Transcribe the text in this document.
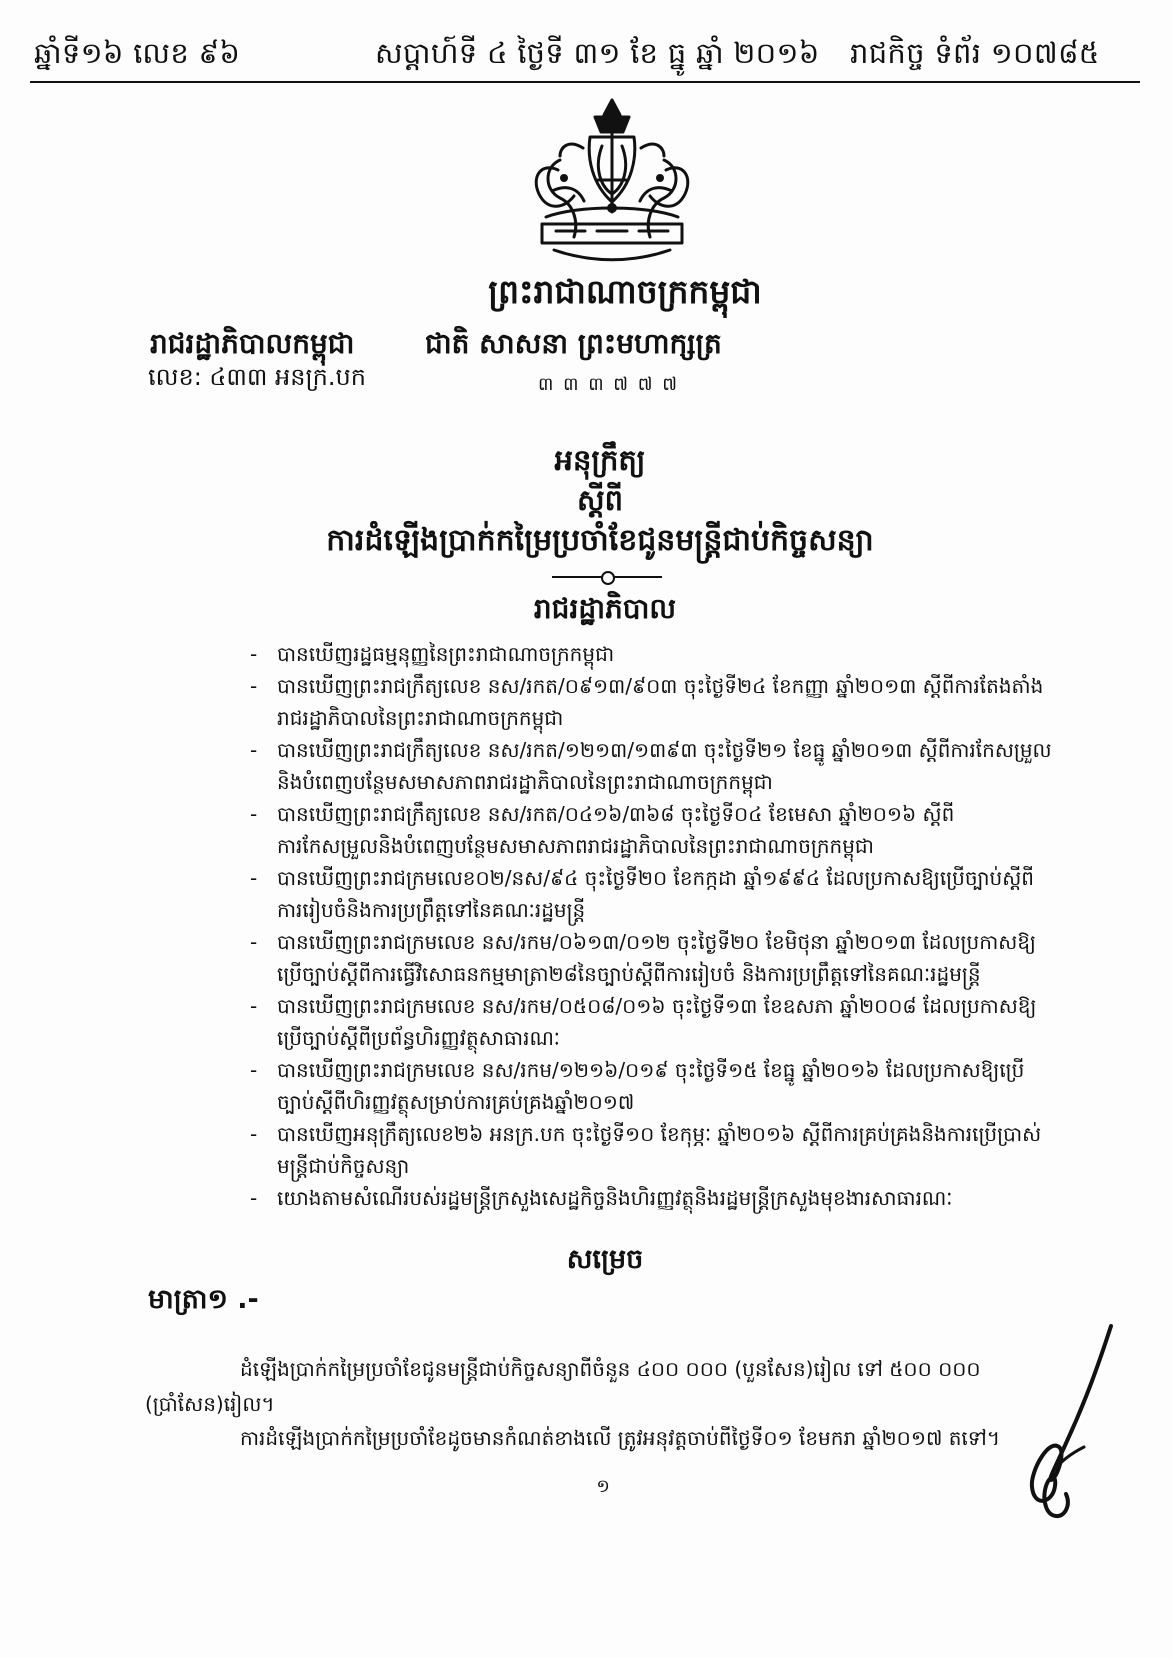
ឆ្នាំទី១៦ លេខ ៩៦	សប្តាហ៍ទី ៤ ថ្ងៃទី ៣១ ខែ ធ្នូ ឆ្នាំ ២០១៦ រាជកិច្ច ទំព័រ ១០៧៨៥
ព្រះរាជាណាចក្រកម្ពុជា
រាជរដ្ឋាភិបាលកម្ពុជា	ជាតិ សាសនា ព្រះមហាក្សត្រ
លេខ: ៤៣៣ អនក្រ.បក	៣ ៣ ៣ ៧ ៧ ៧
អនុក្រឹត្យ
ស្តីពី
ការដំឡើងប្រាក់កម្រៃប្រចាំខែជូនមន្ត្រីជាប់កិច្ចសន្យា
រាជរដ្ឋាភិបាល
- បានឃើញរដ្ឋធម្មនុញ្ញនៃព្រះរាជាណាចក្រកម្ពុជា
- បានឃើញព្រះរាជក្រឹត្យលេខ នស/រកត/០៩១៣/៩០៣ ចុះថ្ងៃទី២៤ ខែកញ្ញា ឆ្នាំ២០១៣ ស្តីពីការតែងតាំងរាជរដ្ឋាភិបាលនៃព្រះរាជាណាចក្រកម្ពុជា
- បានឃើញព្រះរាជក្រឹត្យលេខ នស/រកត/១២១៣/១៣៩៣ ចុះថ្ងៃទី២១ ខែធ្នូ ឆ្នាំ២០១៣ ស្តីពីការកែសម្រួលនិងបំពេញបន្ថែមសមាសភាពរាជរដ្ឋាភិបាលនៃព្រះរាជាណាចក្រកម្ពុជា
- បានឃើញព្រះរាជក្រឹត្យលេខ នស/រកត/០៤១៦/៣៦៨ ចុះថ្ងៃទី០៤ ខែមេសា ឆ្នាំ២០១៦ ស្តីពីការកែសម្រួលនិងបំពេញបន្ថែមសមាសភាពរាជរដ្ឋាភិបាលនៃព្រះរាជាណាចក្រកម្ពុជា
- បានឃើញព្រះរាជក្រមលេខ០២/នស/៩៤ ចុះថ្ងៃទី២០ ខែកក្កដា ឆ្នាំ១៩៩៤ ដែលប្រកាសឱ្យប្រើច្បាប់ស្តីពីការរៀបចំនិងការប្រព្រឹត្តទៅនៃគណៈរដ្ឋមន្ត្រី
- បានឃើញព្រះរាជក្រមលេខ នស/រកម/០៦១៣/០១២ ចុះថ្ងៃទី២០ ខែមិថុនា ឆ្នាំ២០១៣ ដែលប្រកាសឱ្យប្រើច្បាប់ស្តីពីការធ្វើវិសោធនកម្មមាត្រា២៨នៃច្បាប់ស្តីពីការរៀបចំ និងការប្រព្រឹត្តទៅនៃគណៈរដ្ឋមន្ត្រី
- បានឃើញព្រះរាជក្រមលេខ នស/រកម/០៥០៨/០១៦ ចុះថ្ងៃទី១៣ ខែឧសភា ឆ្នាំ២០០៨ ដែលប្រកាសឱ្យប្រើច្បាប់ស្តីពីប្រព័ន្ធហិរញ្ញវត្ថុសាធារណៈ
- បានឃើញព្រះរាជក្រមលេខ នស/រកម/១២១៦/០១៩ ចុះថ្ងៃទី១៥ ខែធ្នូ ឆ្នាំ២០១៦ ដែលប្រកាសឱ្យប្រើច្បាប់ស្តីពីហិរញ្ញវត្ថុសម្រាប់ការគ្រប់គ្រងឆ្នាំ២០១៧
- បានឃើញអនុក្រឹត្យលេខ២៦ អនក្រ.បក ចុះថ្ងៃទី១០ ខែកុម្ភៈ ឆ្នាំ២០១៦ ស្តីពីការគ្រប់គ្រងនិងការប្រើប្រាស់មន្ត្រីជាប់កិច្ចសន្យា
- យោងតាមសំណើរបស់រដ្ឋមន្ត្រីក្រសួងសេដ្ឋកិច្ចនិងហិរញ្ញវត្ថុនិងរដ្ឋមន្ត្រីក្រសួងមុខងារសាធារណៈ
សម្រេច
មាត្រា១ .-

ដំឡើងប្រាក់កម្រៃប្រចាំខែជូនមន្ត្រីជាប់កិច្ចសន្យាពីចំនួន ៤០០ ០០០ (បួនសែន)រៀល ទៅ ៥០០ ០០០ (ប្រាំសែន)រៀល។

ការដំឡើងប្រាក់កម្រៃប្រចាំខែដូចមានកំណត់ខាងលើ ត្រូវអនុវត្តចាប់ពីថ្ងៃទី០១ ខែមករា ឆ្នាំ២០១៧ តទៅ។

១
